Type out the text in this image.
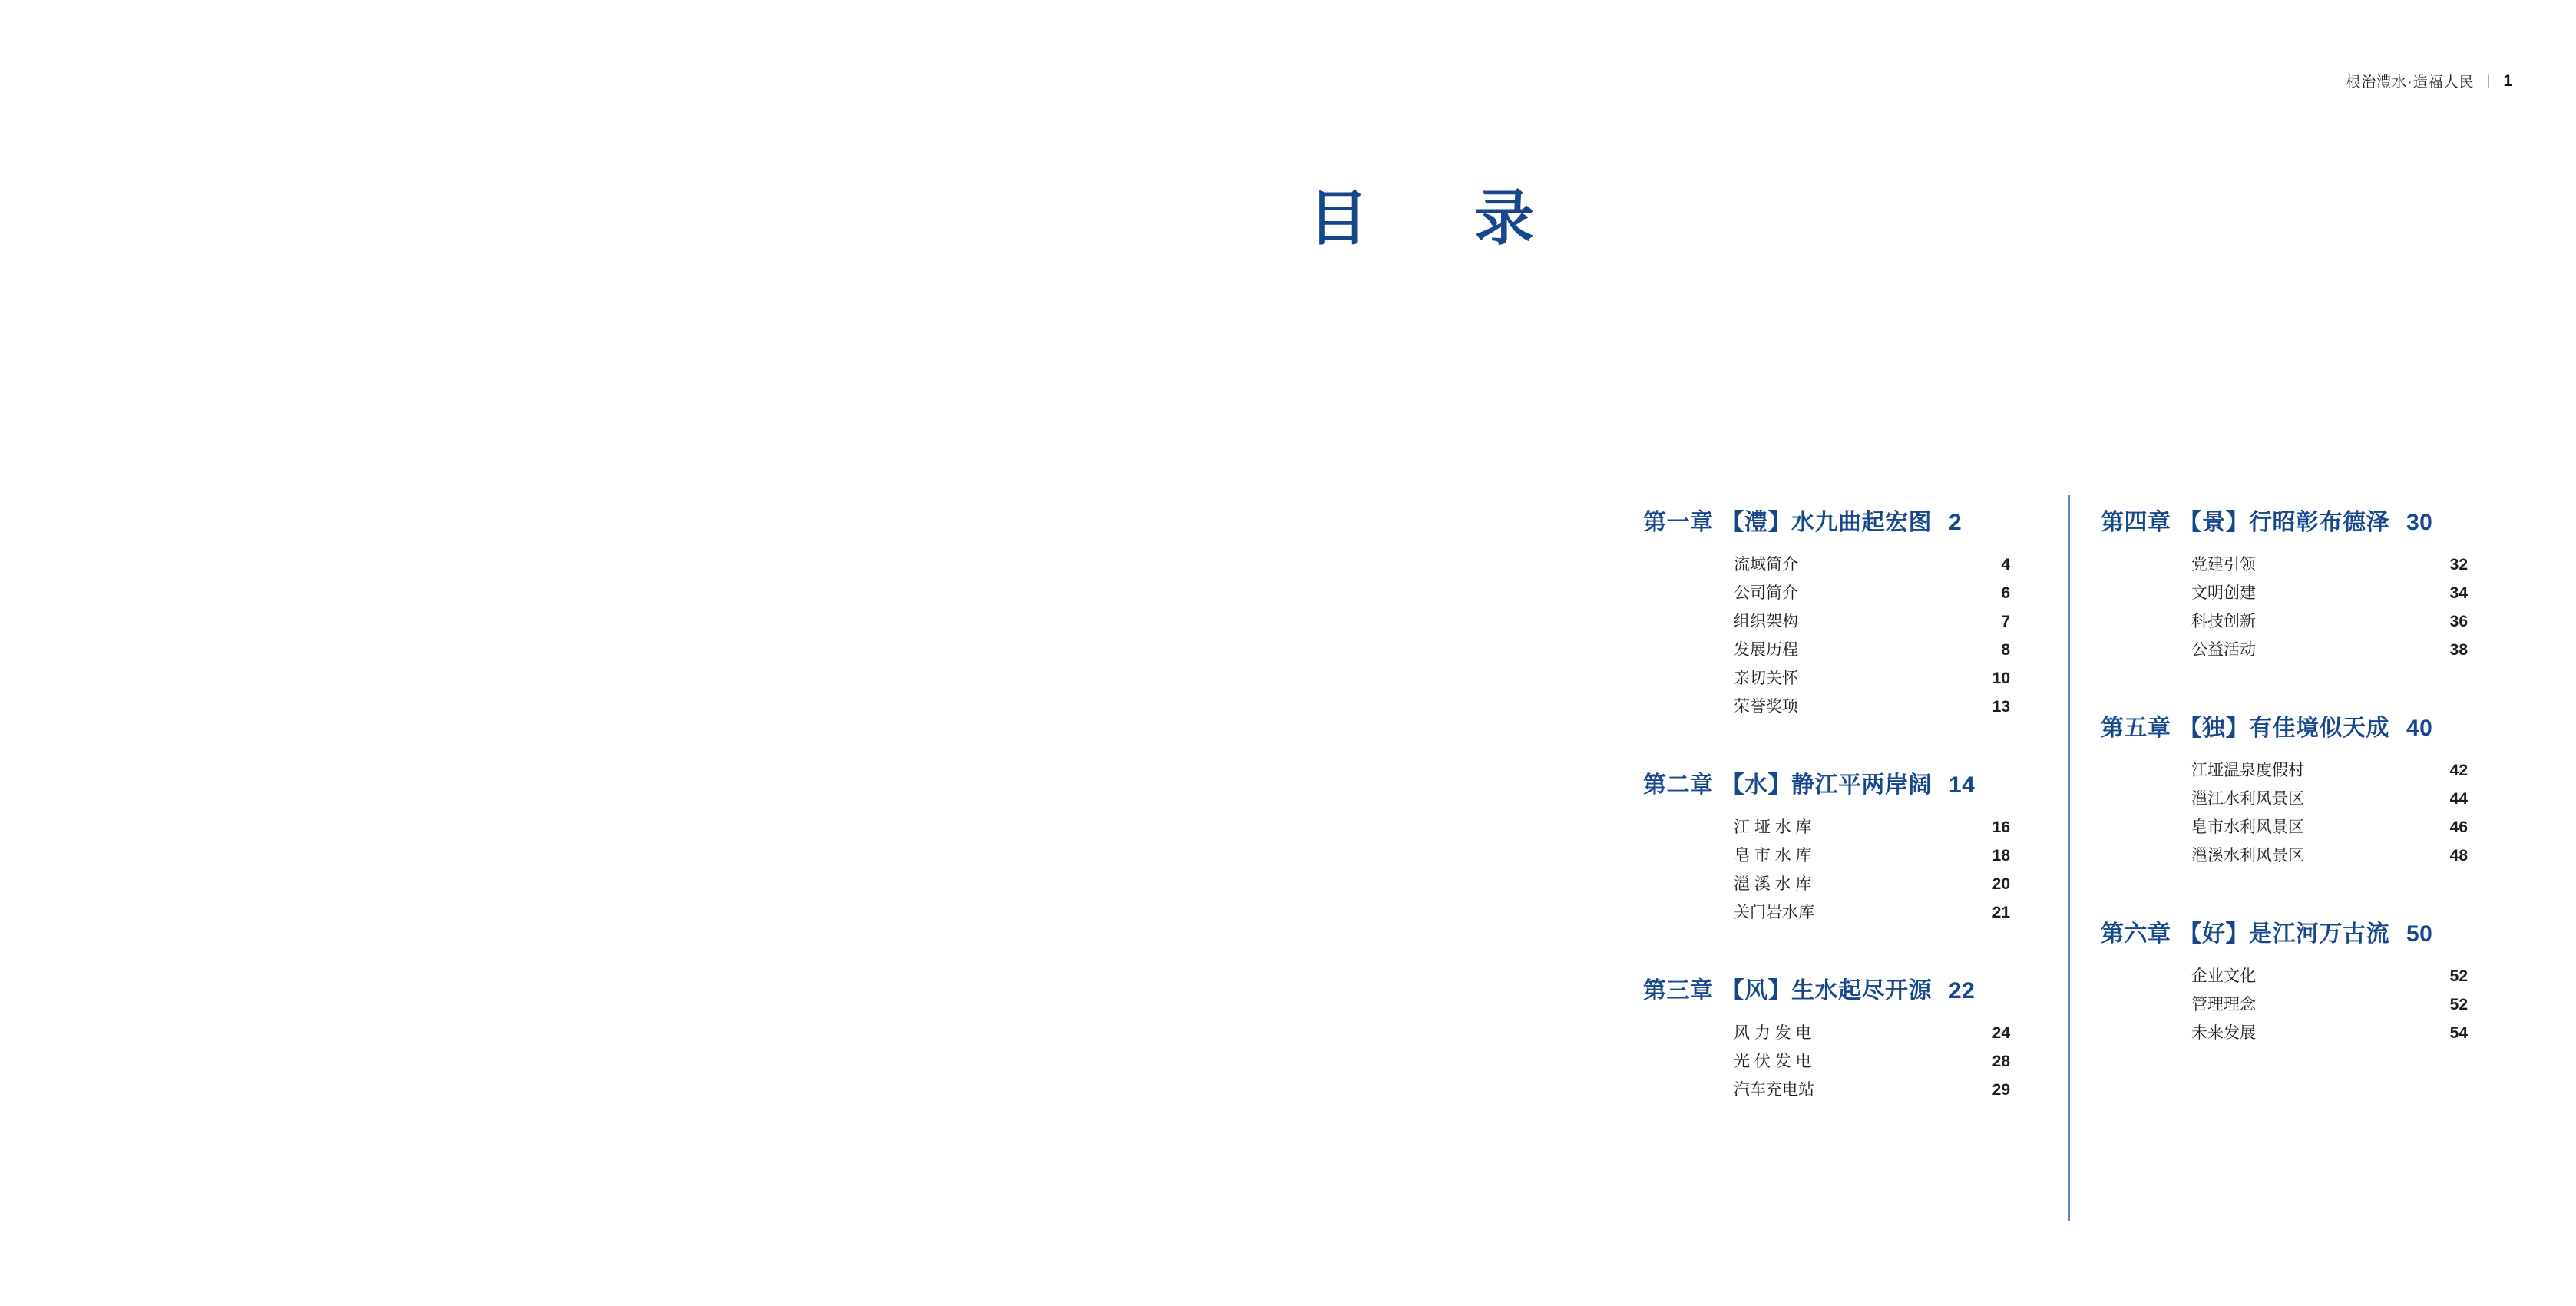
根治澧水·造福人民 | 1
目　录
第一章 【澧】水九曲起宏图 2
流域简介	4
公司简介	6
组织架构	7
发展历程	8
亲切关怀	10
荣誉奖项	13
第二章 【水】静江平两岸阔 14
江 垭 水 库	16
皂 市 水 库	18
㴩 溪 水 库	20
关门岩水库	21
第三章 【风】生水起尽开源 22
风 力 发 电	24
光 伏 发 电	28
汽车充电站	29
第四章 【景】行昭彰布德泽 30
党建引领	32
文明创建	34
科技创新	36
公益活动	38
第五章 【独】有佳境似天成 40
江垭温泉度假村	42
㴩江水利风景区	44
皂市水利风景区	46
㴩溪水利风景区	48
第六章 【好】是江河万古流 50
企业文化	52
管理理念	52
未来发展	54
